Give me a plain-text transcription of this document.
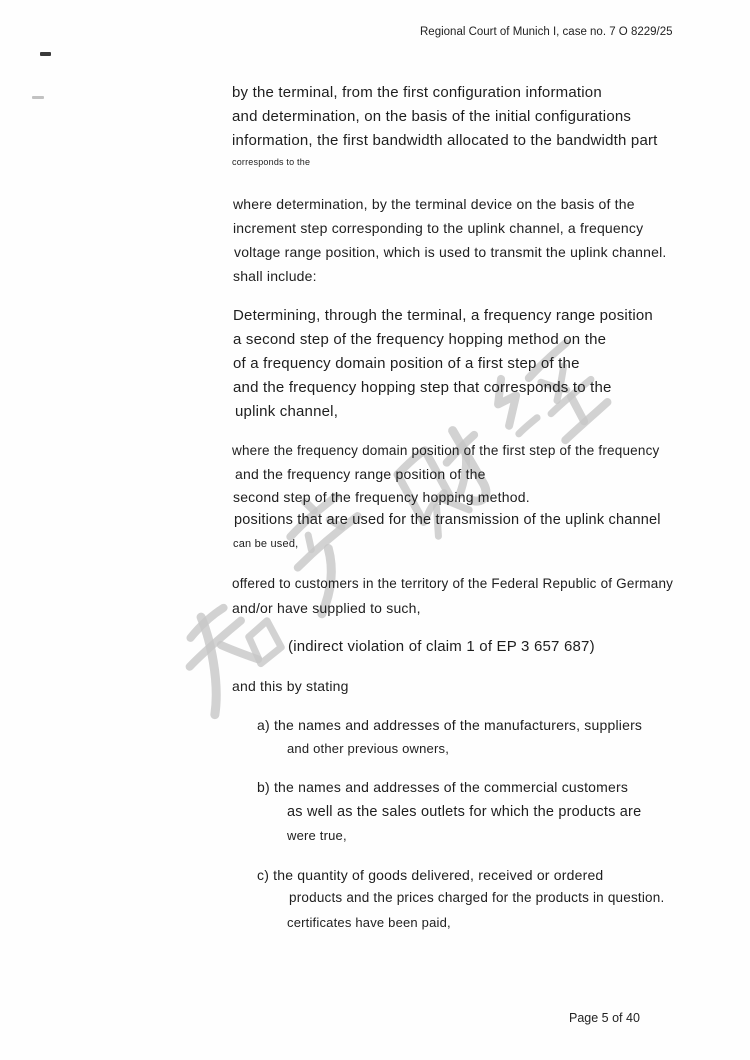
Regional Court of Munich I, case no. 7 O 8229/25
by the terminal, from the first configuration information
and determination, on the basis of the initial configurations
information, the first bandwidth allocated to the bandwidth part
corresponds to the
where determination, by the terminal device on the basis of the
increment step corresponding to the uplink channel, a frequency
voltage range position, which is used to transmit the uplink channel.
shall include:
Determining, through the terminal, a frequency range position
a second step of the frequency hopping method on the
of a frequency domain position of a first step of the
and the frequency hopping step that corresponds to the
uplink channel,
where the frequency domain position of the first step of the frequency
and the frequency range position of the
second step of the frequency hopping method.
positions that are used for the transmission of the uplink channel
can be used,
offered to customers in the territory of the Federal Republic of Germany
and/or have supplied to such,
(indirect violation of claim 1 of EP 3 657 687)
and this by stating
a) the names and addresses of the manufacturers, suppliers
and other previous owners,
b) the names and addresses of the commercial customers
as well as the sales outlets for which the products are
were true,
c) the quantity of goods delivered, received or ordered
products and the prices charged for the products in question.
certificates have been paid,
Page 5 of 40
